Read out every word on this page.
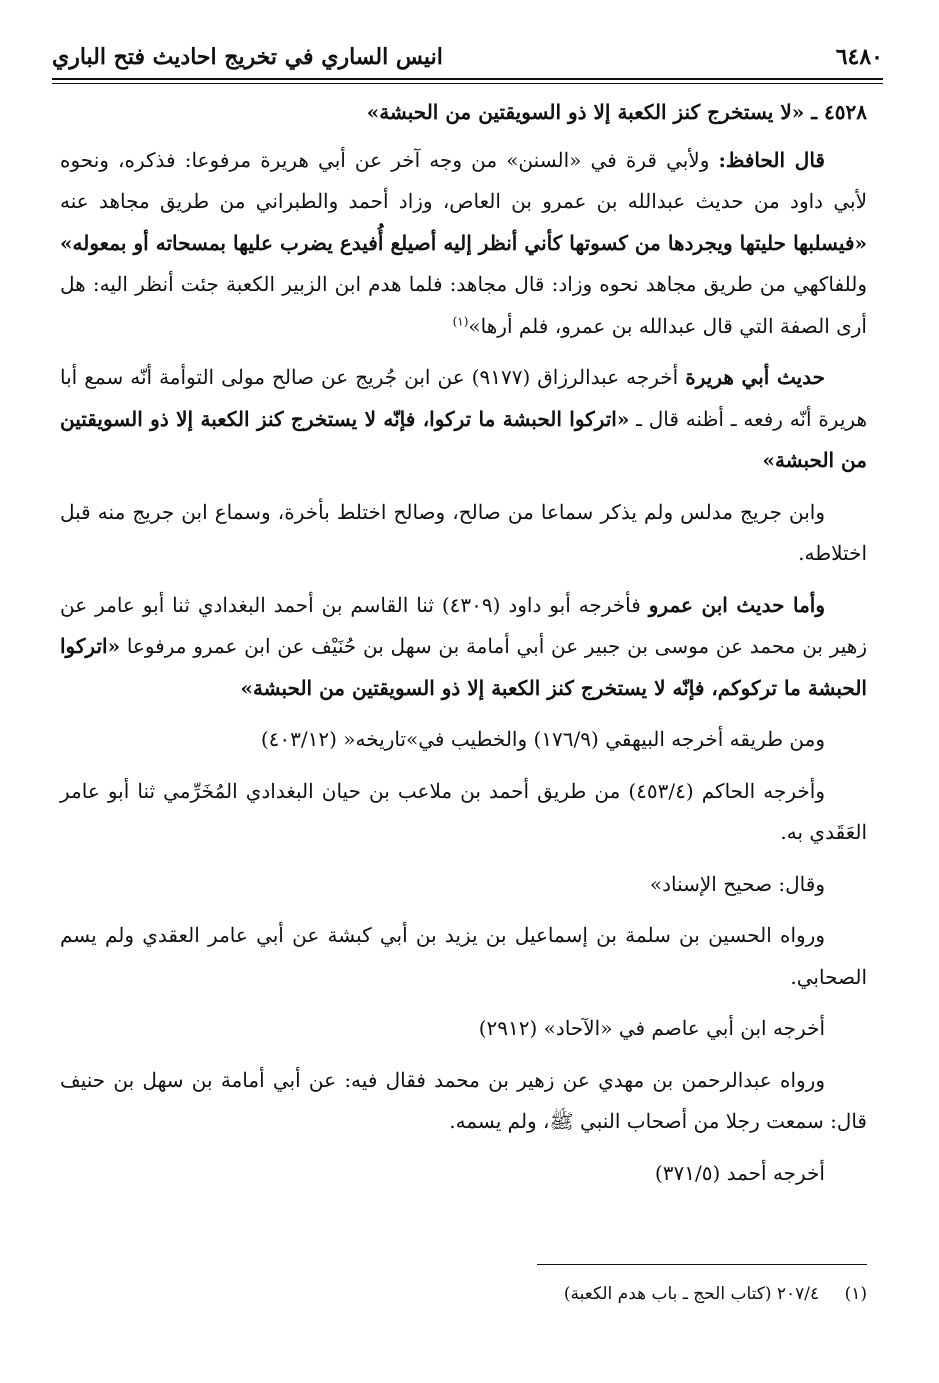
٦٤٨٠
انيس الساري في تخريج احاديث فتح الباري

٤٥٢٨ ـ «لا يستخرج كنز الكعبة إلا ذو السويقتين من الحبشة»

قال الحافظ: ولأبي قرة في «السنن» من وجه آخر عن أبي هريرة مرفوعا: فذكره، ونحوه لأبي داود من حديث عبدالله بن عمرو بن العاص، وزاد أحمد والطبراني من طريق مجاهد عنه «فيسلبها حليتها ويجردها من كسوتها كأني أنظر إليه أصيلع أُفيدع يضرب عليها بمسحاته أو بمعوله» وللفاكهي من طريق مجاهد نحوه وزاد: قال مجاهد: فلما هدم ابن الزبير الكعبة جئت أنظر اليه: هل أرى الصفة التي قال عبدالله بن عمرو، فلم أرها»$^{(١)}$

حديث أبي هريرة أخرجه عبدالرزاق (٩١٧٧) عن ابن جُريج عن صالح مولى التوأمة أنّه سمع أبا هريرة أنّه رفعه ـ أظنه قال ـ «اتركوا الحبشة ما تركوا، فإنّه لا يستخرج كنز الكعبة إلا ذو السويقتين من الحبشة»

وابن جريج مدلس ولم يذكر سماعا من صالح، وصالح اختلط بأخرة، وسماع ابن جريج منه قبل اختلاطه.

وأما حديث ابن عمرو فأخرجه أبو داود (٤٣٠٩) ثنا القاسم بن أحمد البغدادي ثنا أبو عامر عن زهير بن محمد عن موسى بن جبير عن أبي أمامة بن سهل بن حُنَيْف عن ابن عمرو مرفوعا «اتركوا الحبشة ما تركوكم، فإنّه لا يستخرج كنز الكعبة إلا ذو السويقتين من الحبشة»

ومن طريقه أخرجه البيهقي (١٧٦/٩) والخطيب في»تاريخه« (٤٠٣/١٢)

وأخرجه الحاكم (٤٥٣/٤) من طريق أحمد بن ملاعب بن حيان البغدادي المُخَرِّمي ثنا أبو عامر العَقَدي به.

وقال: صحيح الإسناد»

ورواه الحسين بن سلمة بن إسماعيل بن يزيد بن أبي كبشة عن أبي عامر العقدي ولم يسم الصحابي.

أخرجه ابن أبي عاصم في «الآحاد» (٢٩١٢)

ورواه عبدالرحمن بن مهدي عن زهير بن محمد فقال فيه: عن أبي أمامة بن سهل بن حنيف قال: سمعت رجلا من أصحاب النبي ﷺ، ولم يسمه.

أخرجه أحمد (٣٧١/٥)

(١) ٢٠٧/٤ (كتاب الحج ـ باب هدم الكعبة)
